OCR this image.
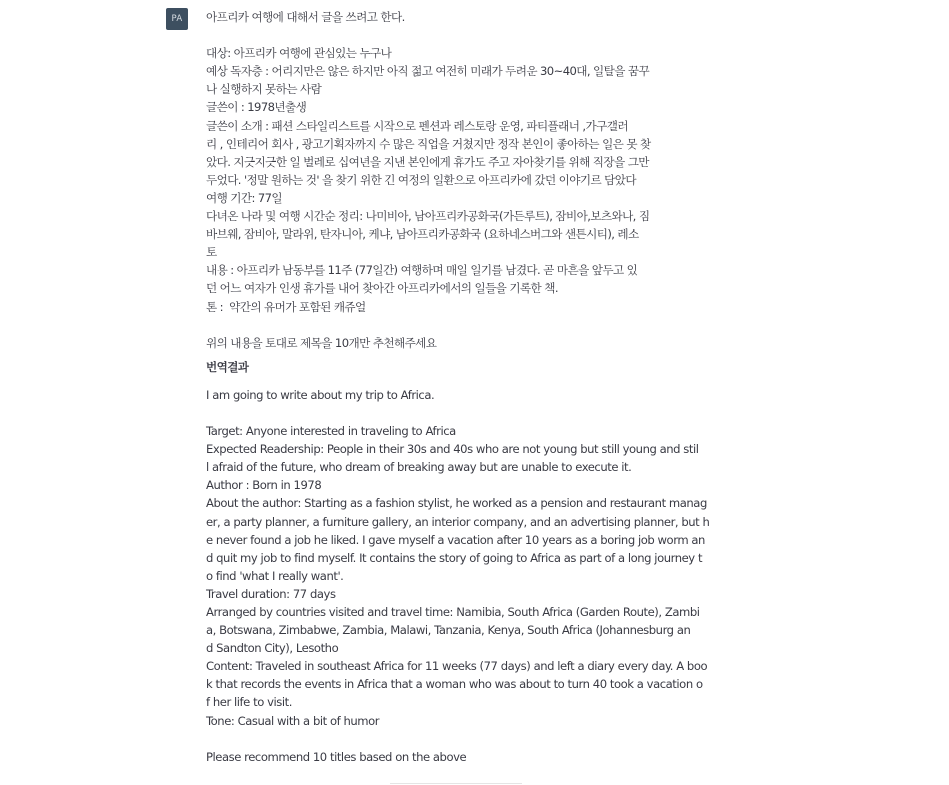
PA	아프리카 여행에 대해서 글을 쓰려고 한다.
대상: 아프리카 여행에 관심있는 누구나
예상 독자층 : 어리지만은 않은 하지만 아직 젊고 여전히 미래가 두려운 30~40대, 일탈을 꿈꾸
나 실행하지 못하는 사람
글쓴이 : 1978년출생
글쓴이 소개 : 패션 스타일리스트를 시작으로 펜션과 레스토랑 운영, 파티플래너 ,가구갤러
리 , 인테리어 회사 , 광고기획자까지 수 많은 직업을 거쳤지만 정작 본인이 좋아하는 일은 못 찾
았다. 지긋지긋한 일 벌레로 십여년을 지낸 본인에게 휴가도 주고 자아찾기를 위해 직장을 그만
두었다. '정말 원하는 것' 을 찾기 위한 긴 여정의 일환으로 아프리카에 갔던 이야기르 담았다
여행 기간: 77일
다녀온 나라 및 여행 시간순 정리: 나미비아, 남아프리카공화국(가든루트), 잠비아,보츠와나, 짐
바브웨, 잠비아, 말라위, 탄자니아, 케냐, 남아프리카공화국 (요하네스버그와 샌튼시티), 레소
토
내용 : 아프리카 남동부를 11주 (77일간) 여행하며 매일 일기를 남겼다. 곧 마흔을 앞두고 있
던 어느 여자가 인생 휴가를 내어 찾아간 아프리카에서의 일들을 기록한 책.
톤 :  약간의 유머가 포함된 캐쥬얼
위의 내용을 토대로 제목을 10개만 추천해주세요
번역결과
I am going to write about my trip to Africa.
Target: Anyone interested in traveling to Africa
Expected Readership: People in their 30s and 40s who are not young but still young and stil
l afraid of the future, who dream of breaking away but are unable to execute it.
Author : Born in 1978
About the author: Starting as a fashion stylist, he worked as a pension and restaurant manag
er, a party planner, a furniture gallery, an interior company, and an advertising planner, but h
e never found a job he liked. I gave myself a vacation after 10 years as a boring job worm an
d quit my job to find myself. It contains the story of going to Africa as part of a long journey t
o find 'what I really want'.
Travel duration: 77 days
Arranged by countries visited and travel time: Namibia, South Africa (Garden Route), Zambi
a, Botswana, Zimbabwe, Zambia, Malawi, Tanzania, Kenya, South Africa (Johannesburg an
d Sandton City), Lesotho
Content: Traveled in southeast Africa for 11 weeks (77 days) and left a diary every day. A boo
k that records the events in Africa that a woman who was about to turn 40 took a vacation o
f her life to visit.
Tone: Casual with a bit of humor
Please recommend 10 titles based on the above
